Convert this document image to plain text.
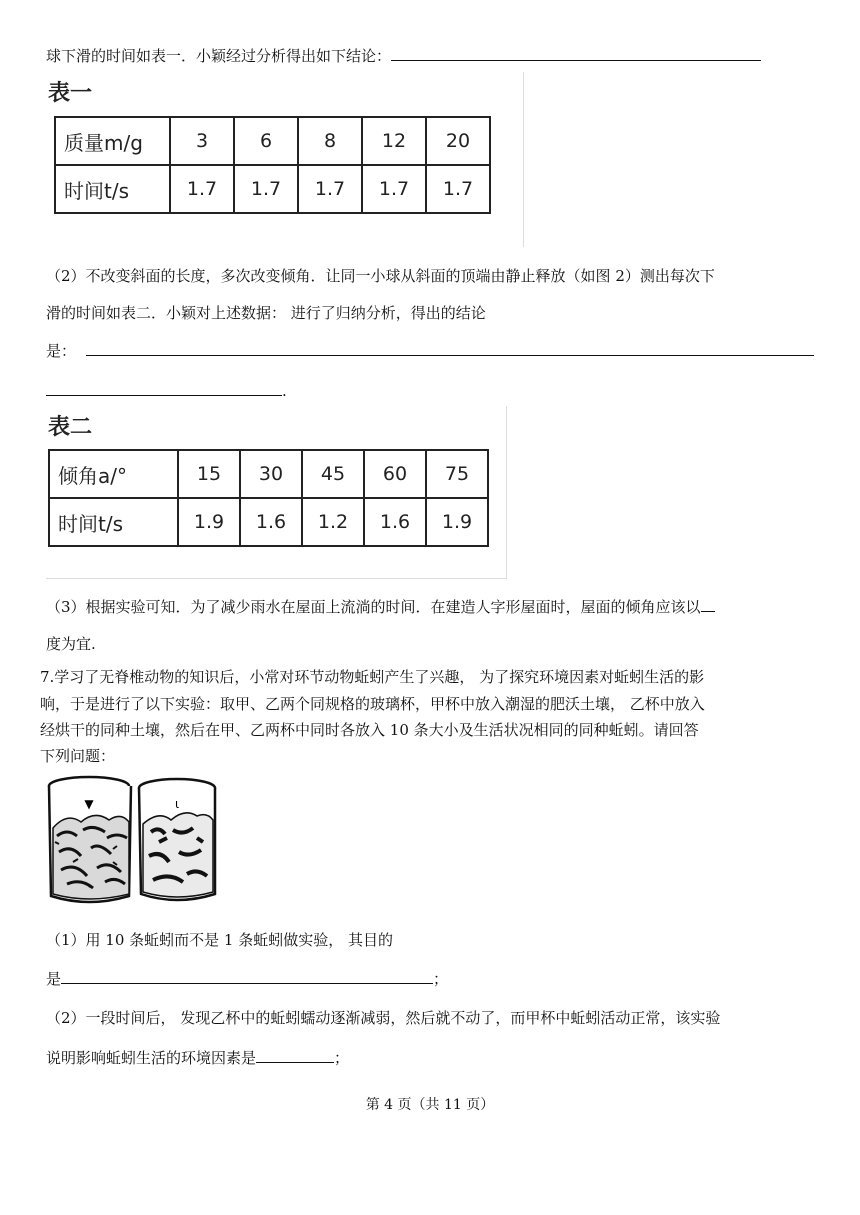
球下滑的时间如表一．小颖经过分析得出如下结论：
表一
质量m/g	3	6	8	12	20
时间t/s	1.7	1.7	1.7	1.7	1.7
（2）不改变斜面的长度，多次改变倾角．让同一小球从斜面的顶端由静止释放（如图 2）测出每次下
滑的时间如表二．小颖对上述数据： 进行了归纳分析，得出的结论
是：
.
表二
倾角a/°	15	30	45	60	75
时间t/s	1.9	1.6	1.2	1.6	1.9
（3）根据实验可知．为了减少雨水在屋面上流淌的时间．在建造人字形屋面时，屋面的倾角应该以
度为宜.
7.学习了无脊椎动物的知识后，小常对环节动物蚯蚓产生了兴趣， 为了探究环境因素对蚯蚓生活的影
响，于是进行了以下实验：取甲、乙两个同规格的玻璃杯，甲杯中放入潮湿的肥沃土壤， 乙杯中放入
经烘干的同种土壤，然后在甲、乙两杯中同时各放入 10 条大小及生活状况相同的同种蚯蚓。请回答
下列问题：
▼	ι
（1）用 10 条蚯蚓而不是 1 条蚯蚓做实验， 其目的
是	；
（2）一段时间后， 发现乙杯中的蚯蚓蠕动逐渐减弱，然后就不动了，而甲杯中蚯蚓活动正常，该实验
说明影响蚯蚓生活的环境因素是	；
第 4 页（共 11 页）
